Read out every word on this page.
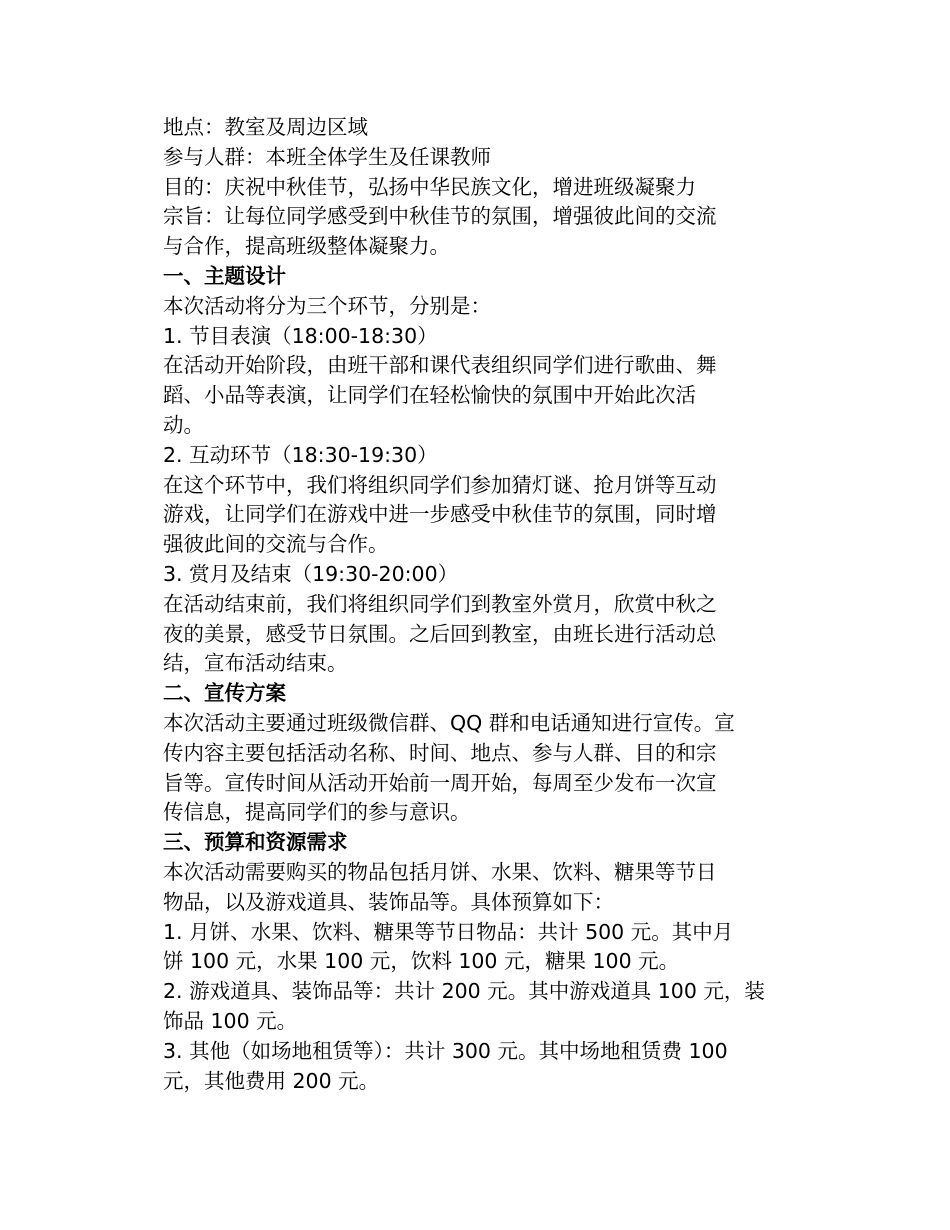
地点：教室及周边区域
参与人群：本班全体学生及任课教师
目的：庆祝中秋佳节，弘扬中华民族文化，增进班级凝聚力
宗旨：让每位同学感受到中秋佳节的氛围，增强彼此间的交流
与合作，提高班级整体凝聚力。
一、主题设计
本次活动将分为三个环节，分别是：
1. 节目表演（18:00-18:30）
在活动开始阶段，由班干部和课代表组织同学们进行歌曲、舞
蹈、小品等表演，让同学们在轻松愉快的氛围中开始此次活
动。
2. 互动环节（18:30-19:30）
在这个环节中，我们将组织同学们参加猜灯谜、抢月饼等互动
游戏，让同学们在游戏中进一步感受中秋佳节的氛围，同时增
强彼此间的交流与合作。
3. 赏月及结束（19:30-20:00）
在活动结束前，我们将组织同学们到教室外赏月，欣赏中秋之
夜的美景，感受节日氛围。之后回到教室，由班长进行活动总
结，宣布活动结束。
二、宣传方案
本次活动主要通过班级微信群、QQ 群和电话通知进行宣传。宣
传内容主要包括活动名称、时间、地点、参与人群、目的和宗
旨等。宣传时间从活动开始前一周开始，每周至少发布一次宣
传信息，提高同学们的参与意识。
三、预算和资源需求
本次活动需要购买的物品包括月饼、水果、饮料、糖果等节日
物品，以及游戏道具、装饰品等。具体预算如下：
1. 月饼、水果、饮料、糖果等节日物品：共计 500 元。其中月
饼 100 元，水果 100 元，饮料 100 元，糖果 100 元。
2. 游戏道具、装饰品等：共计 200 元。其中游戏道具 100 元，装
饰品 100 元。
3. 其他（如场地租赁等）：共计 300 元。其中场地租赁费 100
元，其他费用 200 元。
